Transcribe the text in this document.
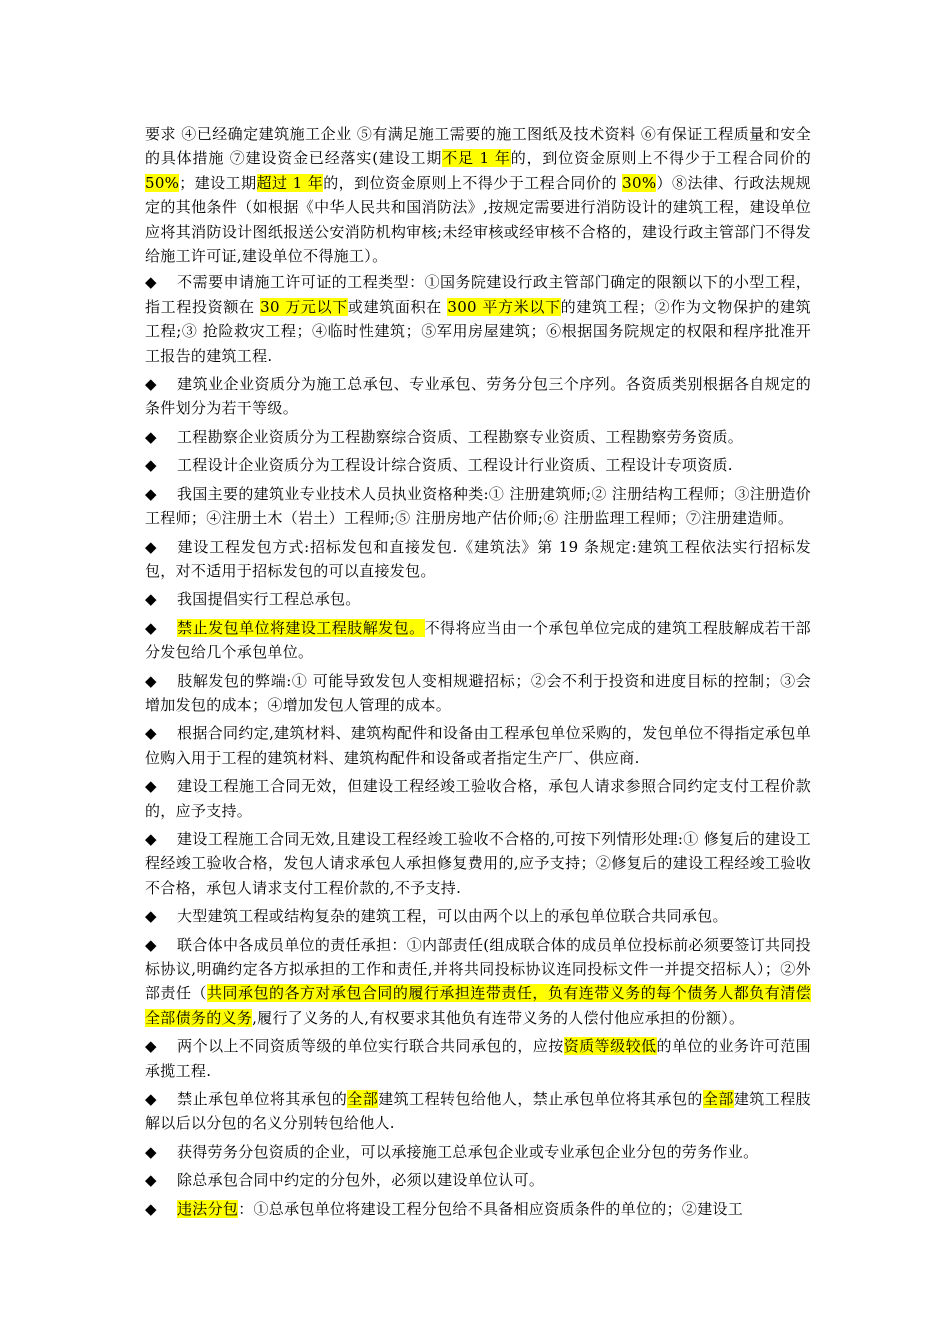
要求 ④已经确定建筑施工企业 ⑤有满足施工需要的施工图纸及技术资料 ⑥有保证工程质量和安全的具体措施 ⑦建设资金已经落实(建设工期不足 1 年的，到位资金原则上不得少于工程合同价的 50%；建设工期超过 1 年的，到位资金原则上不得少于工程合同价的 30%）⑧法律、行政法规规定的其他条件（如根据《中华人民共和国消防法》,按规定需要进行消防设计的建筑工程，建设单位应将其消防设计图纸报送公安消防机构审核;未经审核或经审核不合格的，建设行政主管部门不得发给施工许可证,建设单位不得施工）。

◆ 不需要申请施工许可证的工程类型：①国务院建设行政主管部门确定的限额以下的小型工程，指工程投资额在 30 万元以下或建筑面积在 300 平方米以下的建筑工程；②作为文物保护的建筑工程;③ 抢险救灾工程；④临时性建筑；⑤军用房屋建筑；⑥根据国务院规定的权限和程序批准开工报告的建筑工程.

◆ 建筑业企业资质分为施工总承包、专业承包、劳务分包三个序列。各资质类别根据各自规定的条件划分为若干等级。

◆ 工程勘察企业资质分为工程勘察综合资质、工程勘察专业资质、工程勘察劳务资质。

◆ 工程设计企业资质分为工程设计综合资质、工程设计行业资质、工程设计专项资质.

◆ 我国主要的建筑业专业技术人员执业资格种类:① 注册建筑师;② 注册结构工程师；③注册造价工程师；④注册土木（岩土）工程师;⑤ 注册房地产估价师;⑥ 注册监理工程师；⑦注册建造师。

◆ 建设工程发包方式:招标发包和直接发包.《建筑法》第 19 条规定:建筑工程依法实行招标发包，对不适用于招标发包的可以直接发包。

◆ 我国提倡实行工程总承包。

◆ 禁止发包单位将建设工程肢解发包。不得将应当由一个承包单位完成的建筑工程肢解成若干部分发包给几个承包单位。

◆ 肢解发包的弊端:① 可能导致发包人变相规避招标；②会不利于投资和进度目标的控制；③会增加发包的成本；④增加发包人管理的成本。

◆ 根据合同约定,建筑材料、建筑构配件和设备由工程承包单位采购的，发包单位不得指定承包单位购入用于工程的建筑材料、建筑构配件和设备或者指定生产厂、供应商.

◆ 建设工程施工合同无效，但建设工程经竣工验收合格，承包人请求参照合同约定支付工程价款的，应予支持。

◆ 建设工程施工合同无效,且建设工程经竣工验收不合格的,可按下列情形处理:① 修复后的建设工程经竣工验收合格，发包人请求承包人承担修复费用的,应予支持；②修复后的建设工程经竣工验收不合格，承包人请求支付工程价款的,不予支持.

◆ 大型建筑工程或结构复杂的建筑工程，可以由两个以上的承包单位联合共同承包。

◆ 联合体中各成员单位的责任承担：①内部责任(组成联合体的成员单位投标前必须要签订共同投标协议,明确约定各方拟承担的工作和责任,并将共同投标协议连同投标文件一并提交招标人）；②外部责任（共同承包的各方对承包合同的履行承担连带责任，负有连带义务的每个债务人都负有清偿全部债务的义务,履行了义务的人,有权要求其他负有连带义务的人偿付他应承担的份额）。

◆ 两个以上不同资质等级的单位实行联合共同承包的，应按资质等级较低的单位的业务许可范围承揽工程.

◆ 禁止承包单位将其承包的全部建筑工程转包给他人，禁止承包单位将其承包的全部建筑工程肢解以后以分包的名义分别转包给他人.

◆ 获得劳务分包资质的企业，可以承接施工总承包企业或专业承包企业分包的劳务作业。

◆ 除总承包合同中约定的分包外，必须以建设单位认可。

◆ 违法分包：①总承包单位将建设工程分包给不具备相应资质条件的单位的；②建设工
